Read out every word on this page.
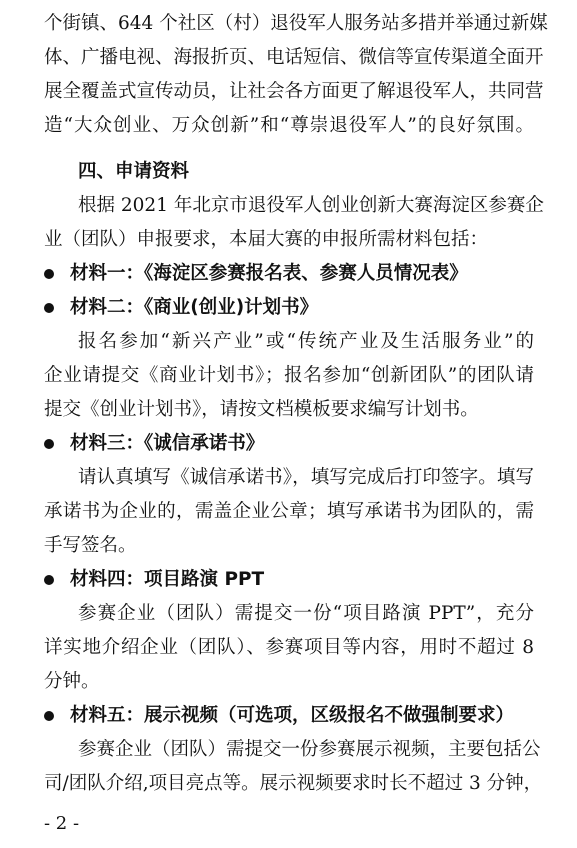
个街镇、644 个社区（村）退役军人服务站多措并举通过新媒
体、广播电视、海报折页、电话短信、微信等宣传渠道全面开
展全覆盖式宣传动员，让社会各方面更了解退役军人，共同营
造“大众创业、万众创新”和“尊崇退役军人”的良好氛围。
四、申请资料
根据 2021 年北京市退役军人创业创新大赛海淀区参赛企
业（团队）申报要求，本届大赛的申报所需材料包括：
材料一：《海淀区参赛报名表、参赛人员情况表》
材料二：《商业(创业)计划书》
报名参加“新兴产业”或“传统产业及生活服务业”的
企业请提交《商业计划书》；报名参加“创新团队”的团队请
提交《创业计划书》，请按文档模板要求编写计划书。
材料三：《诚信承诺书》
请认真填写《诚信承诺书》，填写完成后打印签字。填写
承诺书为企业的，需盖企业公章；填写承诺书为团队的，需
手写签名。
材料四：项目路演 PPT
参赛企业（团队）需提交一份“项目路演 PPT”，充分
详实地介绍企业（团队）、参赛项目等内容，用时不超过 8
分钟。
材料五：展示视频（可选项，区级报名不做强制要求）
参赛企业（团队）需提交一份参赛展示视频，主要包括公
司/团队介绍,项目亮点等。展示视频要求时长不超过 3 分钟，
- 2 -
